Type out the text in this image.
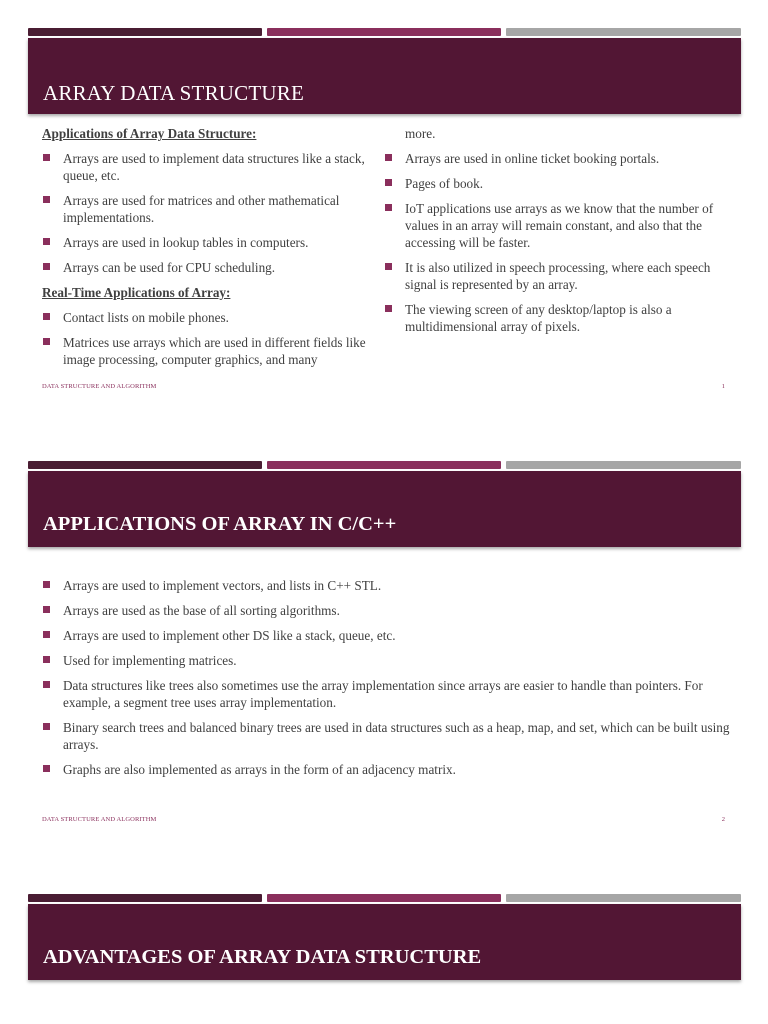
ARRAY DATA STRUCTURE

Applications of Array Data Structure:

Arrays are used to implement data structures like a stack, queue, etc.
Arrays are used for matrices and other mathematical implementations.
Arrays are used in lookup tables in computers.
Arrays can be used for CPU scheduling.

Real-Time Applications of Array:

Contact lists on mobile phones.
Matrices use arrays which are used in different fields like image processing, computer graphics, and many

more.

Arrays are used in online ticket booking portals.
Pages of book.
IoT applications use arrays as we know that the number of values in an array will remain constant, and also that the accessing will be faster.
It is also utilized in speech processing, where each speech signal is represented by an array.
The viewing screen of any desktop/laptop is also a multidimensional array of pixels.
DATA STRUCTURE AND ALGORITHM	1
APPLICATIONS OF ARRAY IN C/C++
Arrays are used to implement vectors, and lists in C++ STL.
Arrays are used as the base of all sorting algorithms.
Arrays are used to implement other DS like a stack, queue, etc.
Used for implementing matrices.
Data structures like trees also sometimes use the array implementation since arrays are easier to handle than pointers. For example, a segment tree uses array implementation.
Binary search trees and balanced binary trees are used in data structures such as a heap, map, and set, which can be built using arrays.
Graphs are also implemented as arrays in the form of an adjacency matrix.
DATA STRUCTURE AND ALGORITHM	2
ADVANTAGES OF ARRAY DATA STRUCTURE
